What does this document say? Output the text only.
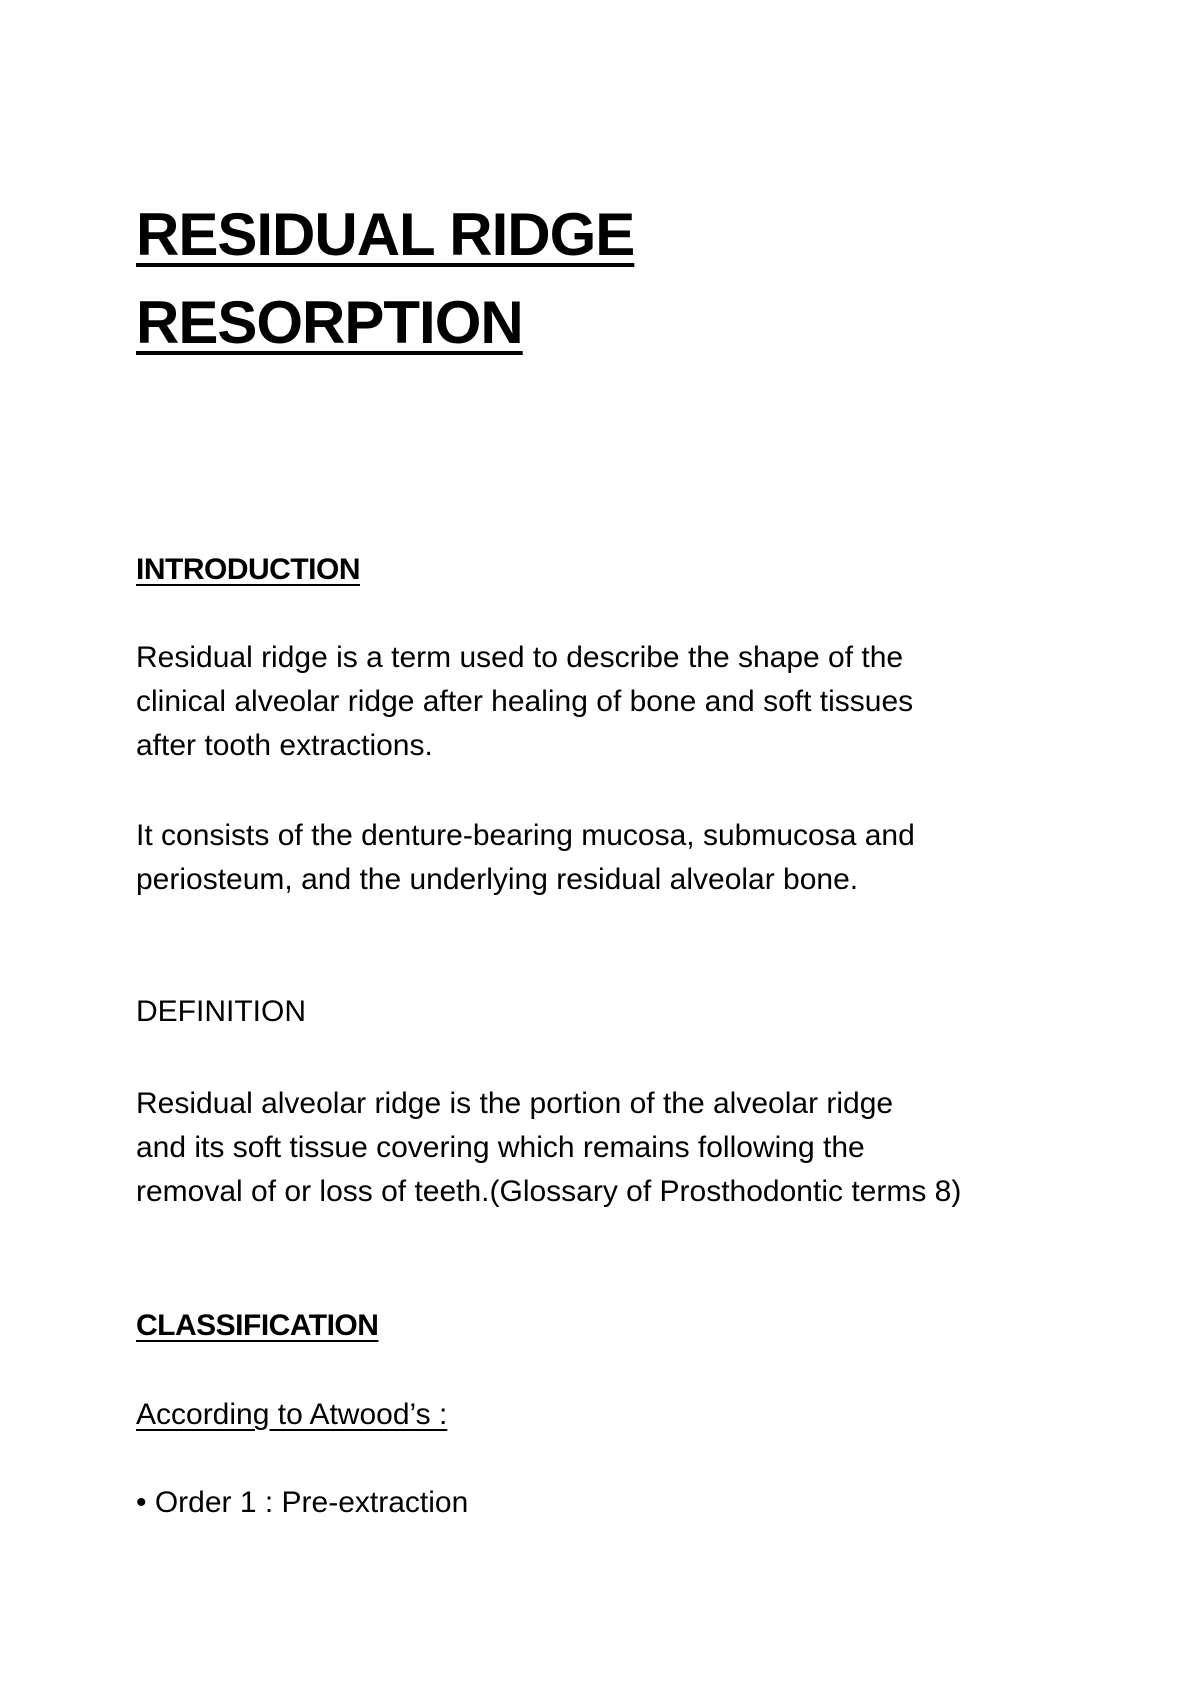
RESIDUAL RIDGE
RESORPTION
INTRODUCTION
Residual ridge is a term used to describe the shape of the
clinical alveolar ridge after healing of bone and soft tissues
after tooth extractions.
It consists of the denture-bearing mucosa, submucosa and
periosteum, and the underlying residual alveolar bone.
DEFINITION
Residual alveolar ridge is the portion of the alveolar ridge
and its soft tissue covering which remains following the
removal of or loss of teeth.(Glossary of Prosthodontic terms 8)
CLASSIFICATION
According to Atwood’s :
• Order 1 : Pre-extraction
